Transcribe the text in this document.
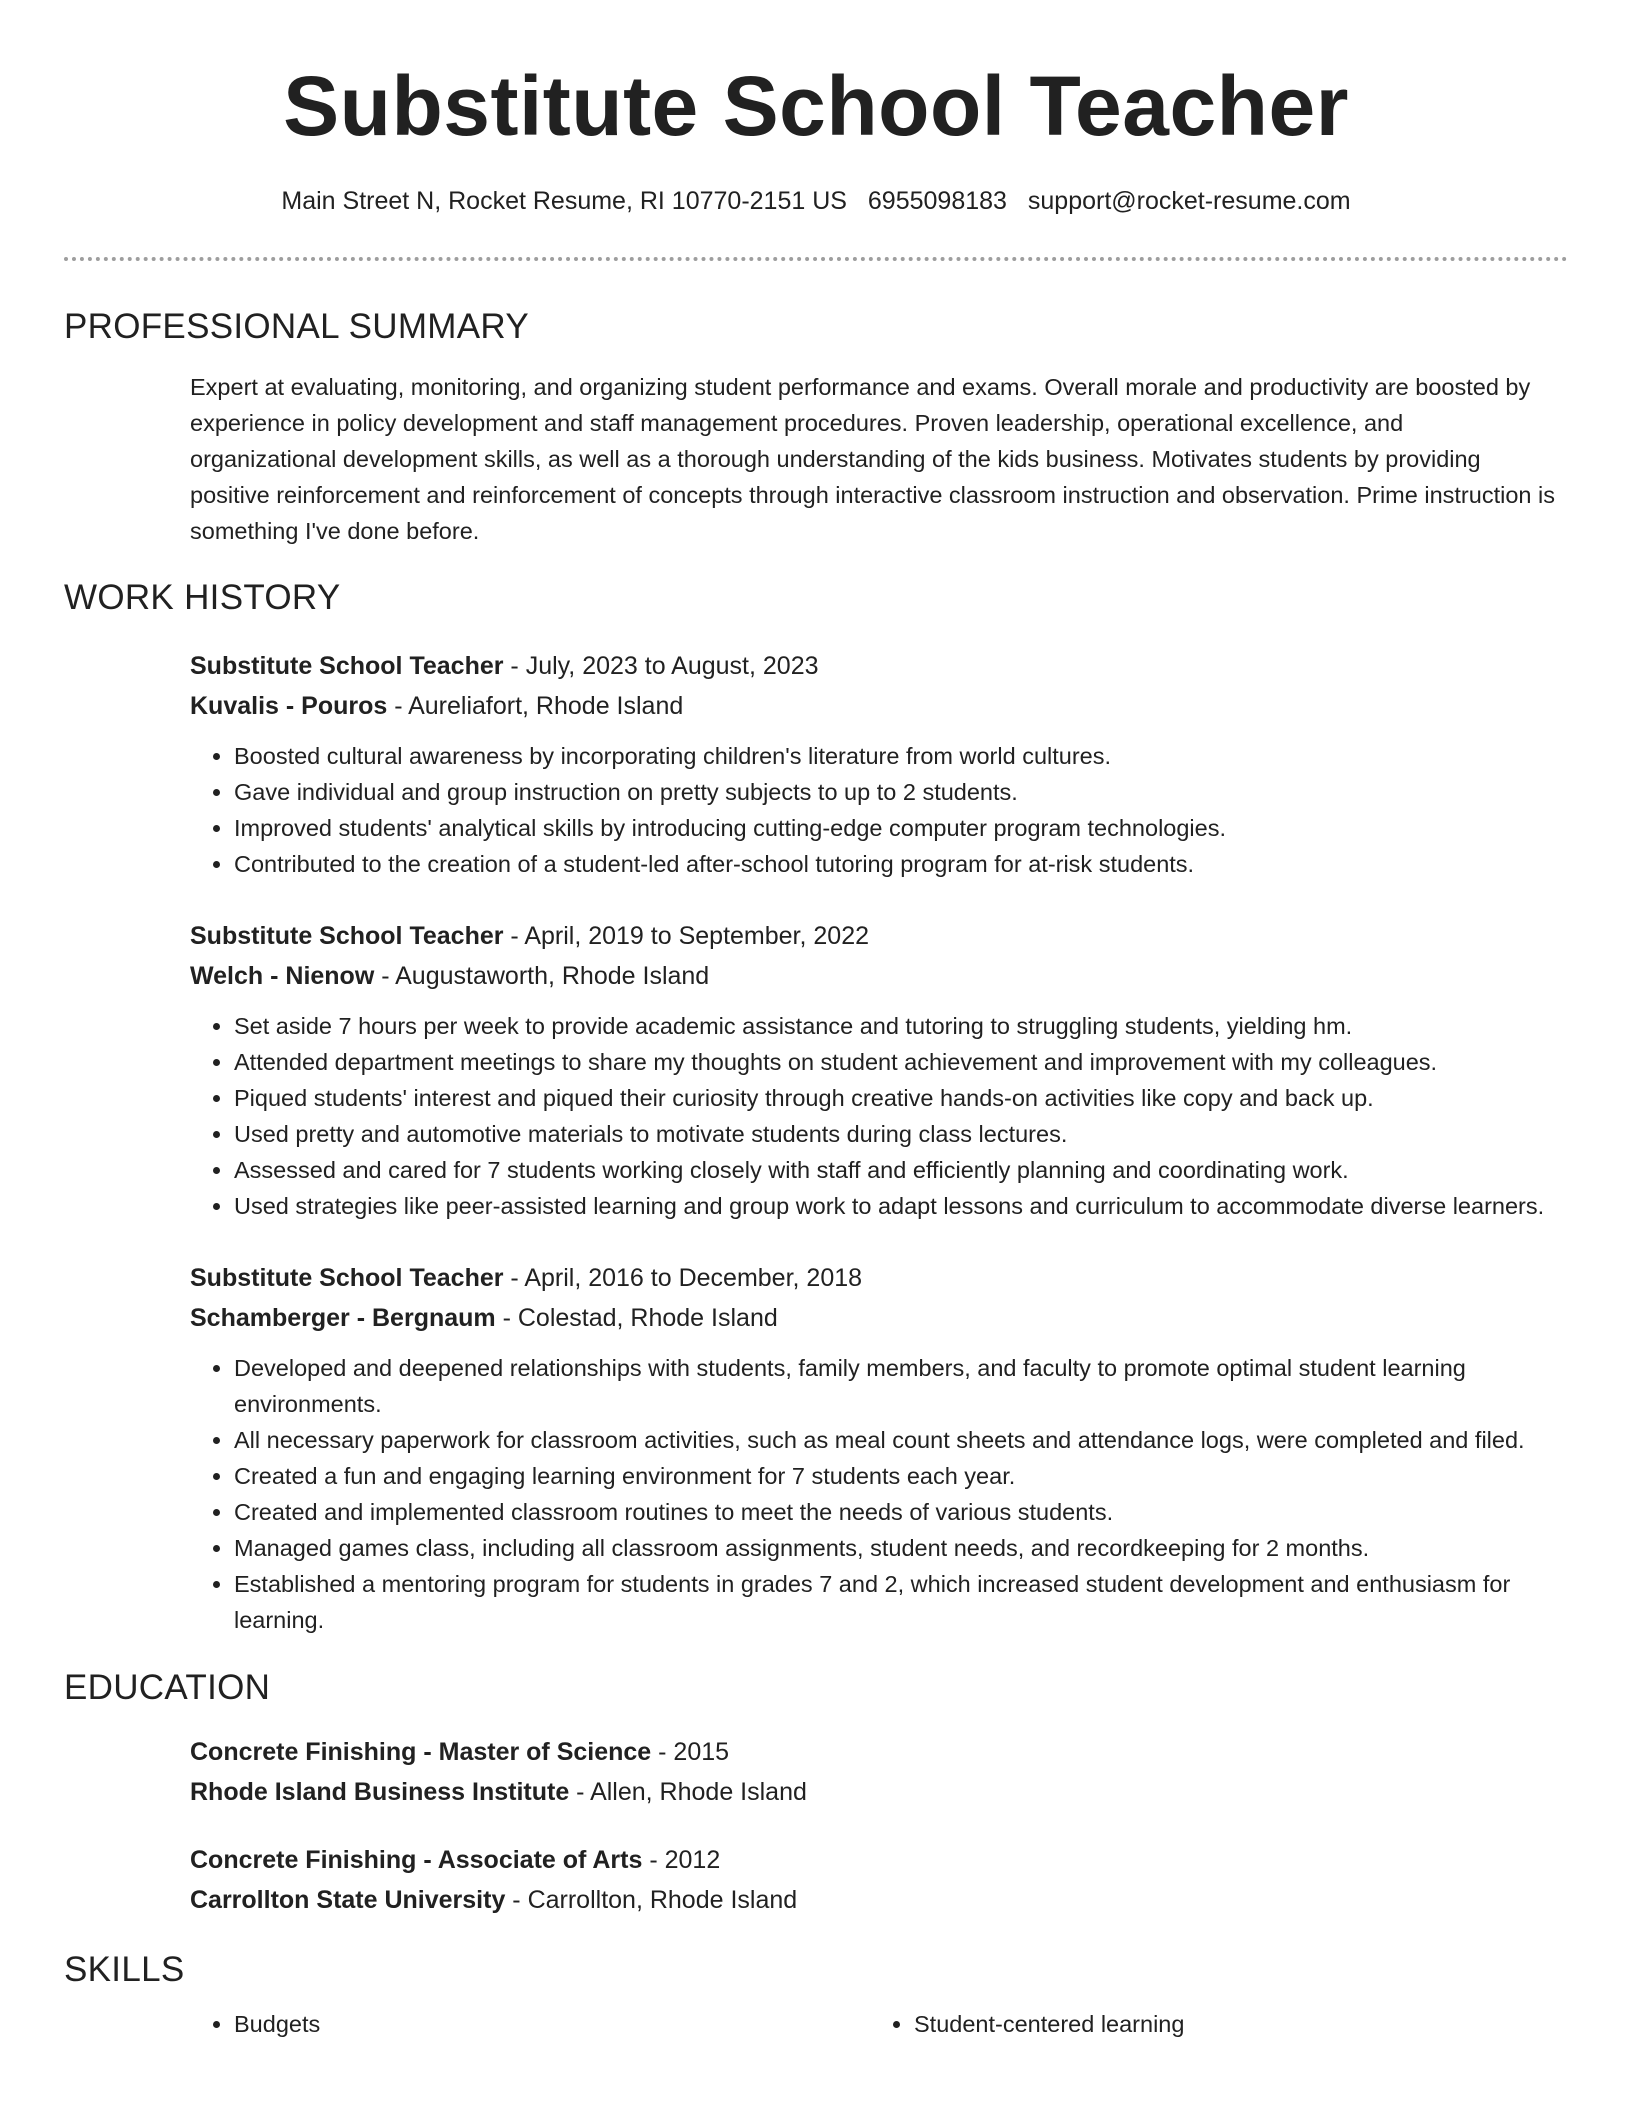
Substitute School Teacher
Main Street N, Rocket Resume, RI 10770-2151 US 6955098183 support@rocket-resume.com
PROFESSIONAL SUMMARY
Expert at evaluating, monitoring, and organizing student performance and exams. Overall morale and productivity are boosted by experience in policy development and staff management procedures. Proven leadership, operational excellence, and organizational development skills, as well as a thorough understanding of the kids business. Motivates students by providing positive reinforcement and reinforcement of concepts through interactive classroom instruction and observation. Prime instruction is something I've done before.
WORK HISTORY
Substitute School Teacher - July, 2023 to August, 2023
Kuvalis - Pouros - Aureliafort, Rhode Island
• Boosted cultural awareness by incorporating children's literature from world cultures.
• Gave individual and group instruction on pretty subjects to up to 2 students.
• Improved students' analytical skills by introducing cutting-edge computer program technologies.
• Contributed to the creation of a student-led after-school tutoring program for at-risk students.
Substitute School Teacher - April, 2019 to September, 2022
Welch - Nienow - Augustaworth, Rhode Island
• Set aside 7 hours per week to provide academic assistance and tutoring to struggling students, yielding hm.
• Attended department meetings to share my thoughts on student achievement and improvement with my colleagues.
• Piqued students' interest and piqued their curiosity through creative hands-on activities like copy and back up.
• Used pretty and automotive materials to motivate students during class lectures.
• Assessed and cared for 7 students working closely with staff and efficiently planning and coordinating work.
• Used strategies like peer-assisted learning and group work to adapt lessons and curriculum to accommodate diverse learners.
Substitute School Teacher - April, 2016 to December, 2018
Schamberger - Bergnaum - Colestad, Rhode Island
• Developed and deepened relationships with students, family members, and faculty to promote optimal student learning environments.
• All necessary paperwork for classroom activities, such as meal count sheets and attendance logs, were completed and filed.
• Created a fun and engaging learning environment for 7 students each year.
• Created and implemented classroom routines to meet the needs of various students.
• Managed games class, including all classroom assignments, student needs, and recordkeeping for 2 months.
• Established a mentoring program for students in grades 7 and 2, which increased student development and enthusiasm for learning.
EDUCATION
Concrete Finishing - Master of Science - 2015
Rhode Island Business Institute - Allen, Rhode Island
Concrete Finishing - Associate of Arts - 2012
Carrollton State University - Carrollton, Rhode Island
SKILLS
• Budgets
•	Student-centered learning
